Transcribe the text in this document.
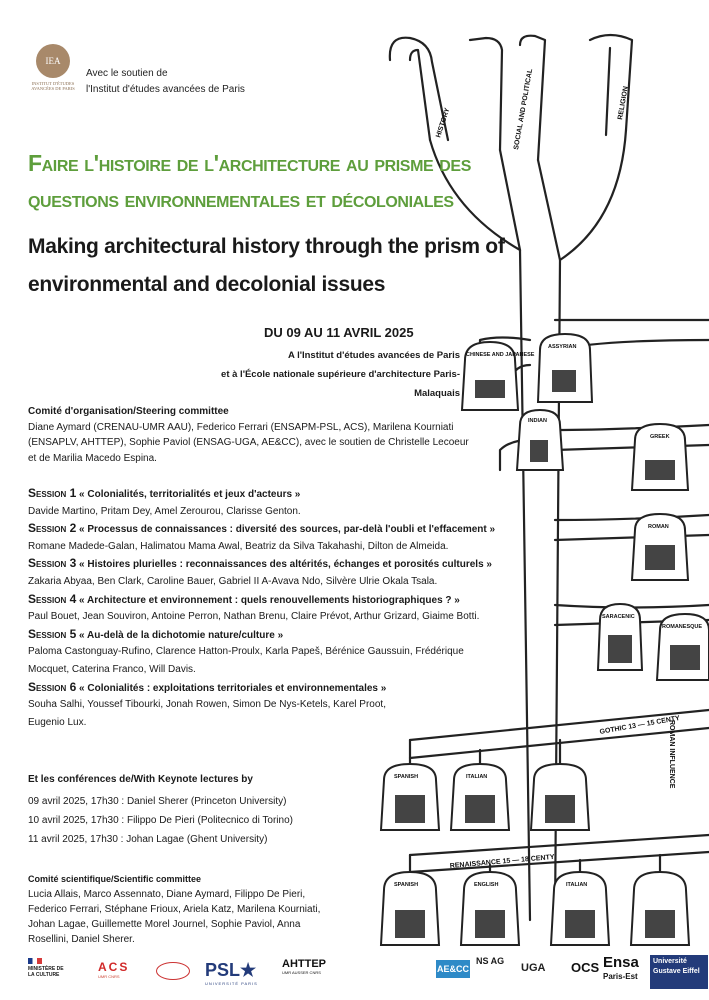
HISTORY	SOCIAL AND POLITICAL	RELIGION
GOTHIC 13 — 15 CENTY
RENAISSANCE 15 — 18 CENTY
ROMAN INFLUENCE
CHINESE AND JAPANESE
ASSYRIAN
INDIAN
GREEK
ROMAN
SARACENIC
ROMANESQUE
SPANISH	ITALIAN
SPANISH	ENGLISH	ITALIAN
IEA
INSTITUT D'ÉTUDES AVANCÉES DE PARIS
Avec le soutien de
l'Institut d'études avancées de Paris
Faire l'histoire de l'architecture au prisme des
questions environnementales et décoloniales
Making architectural history through the prism of
environmental and decolonial issues
DU 09 AU 11 AVRIL 2025
A l'Institut d'études avancées de Paris
et à l'École nationale supérieure d'architecture Paris-Malaquais
Comité d'organisation/Steering committee
Diane Aymard (CRENAU-UMR AAU), Federico Ferrari (ENSAPM-PSL, ACS), Marilena Kourniati
(ENSAPLV, AHTTEP), Sophie Paviol (ENSAG-UGA, AE&CC), avec le soutien de Christelle Lecoeur
et de Marilia Macedo Espina.
Session 1 « Colonialités, territorialités et jeux d'acteurs »
Davide Martino, Pritam Dey, Amel Zerourou, Clarisse Genton.
Session 2 « Processus de connaissances : diversité des sources, par-delà l'oubli et l'effacement »
Romane Madede-Galan, Halimatou Mama Awal, Beatriz da Silva Takahashi, Dilton de Almeida.
Session 3 « Histoires plurielles : reconnaissances des altérités, échanges et porosités culturels »
Zakaria Abyaa, Ben Clark, Caroline Bauer, Gabriel II A-Avava Ndo, Silvère Ulrie Okala Tsala.
Session 4 « Architecture et environnement : quels renouvellements historiographiques ? »
Paul Bouet, Jean Souviron, Antoine Perron, Nathan Brenu, Claire Prévot, Arthur Grizard, Giaime Botti.
Session 5 « Au-delà de la dichotomie nature/culture »
Paloma Castonguay-Rufino, Clarence Hatton-Proulx, Karla Papeš, Bérénice Gaussuin, Frédérique
Mocquet, Caterina Franco, Will Davis.
Session 6 « Colonialités : exploitations territoriales et environnementales »
Souha Salhi, Youssef Tibourki, Jonah Rowen, Simon De Nys-Ketels, Karel Proot,
Eugenio Lux.
Et les conférences de/With Keynote lectures by
09 avril 2025, 17h30 : Daniel Sherer (Princeton University)
10 avril 2025, 17h30 : Filippo De Pieri (Politecnico di Torino)
11 avril 2025, 17h30 : Johan Lagae (Ghent University)
Comité scientifique/Scientific committee
Lucia Allais, Marco Assennato, Diane Aymard, Filippo De Pieri,
Federico Ferrari, Stéphane Frioux, Ariela Katz, Marilena Kourniati,
Johan Lagae, Guillemette Morel Journel, Sophie Paviol, Anna
Rosellini, Daniel Sherer.
MINISTÈRE DE LA CULTURE
ACS
UMR CNRS	PSL★
UNIVERSITÉ PARIS
AHTTEP
UMR AUSSER CNRS	AE&CC
NS AG
UGA OCS Ensa
Paris-Est
Université Gustave Eiffel
